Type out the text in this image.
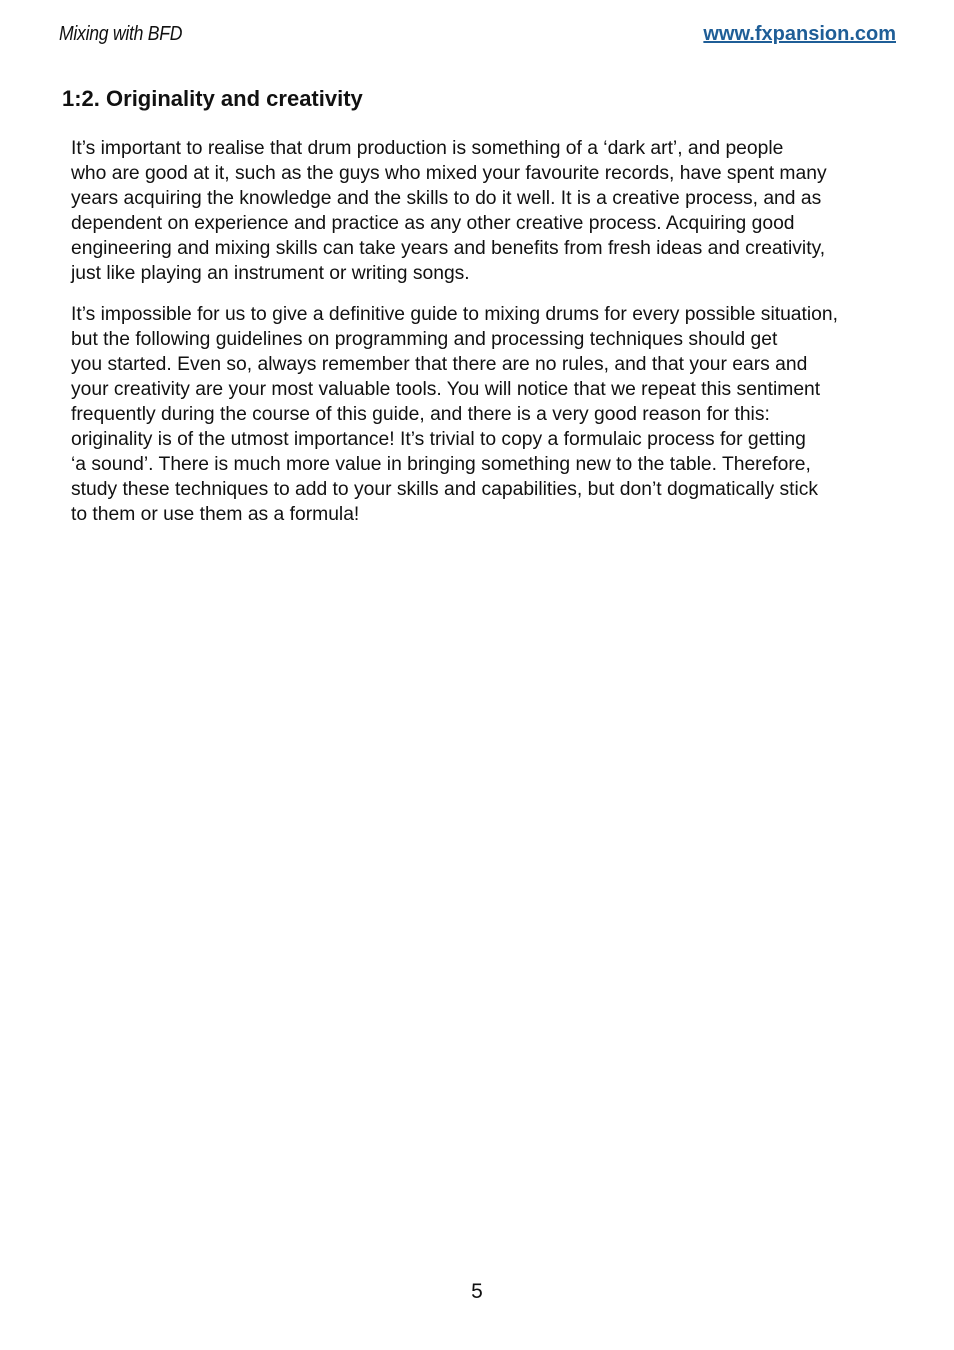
Mixing with BFD	www.fxpansion.com
1:2. Originality and creativity

It’s important to realise that drum production is something of a ‘dark art’, and people
who are good at it, such as the guys who mixed your favourite records, have spent many
years acquiring the knowledge and the skills to do it well. It is a creative process, and as
dependent on experience and practice as any other creative process. Acquiring good
engineering and mixing skills can take years and benefits from fresh ideas and creativity,
just like playing an instrument or writing songs.

It’s impossible for us to give a definitive guide to mixing drums for every possible situation,
but the following guidelines on programming and processing techniques should get
you started. Even so, always remember that there are no rules, and that your ears and
your creativity are your most valuable tools. You will notice that we repeat this sentiment
frequently during the course of this guide, and there is a very good reason for this:
originality is of the utmost importance! It’s trivial to copy a formulaic process for getting
‘a sound’. There is much more value in bringing something new to the table. Therefore,
study these techniques to add to your skills and capabilities, but don’t dogmatically stick
to them or use them as a formula!

5
